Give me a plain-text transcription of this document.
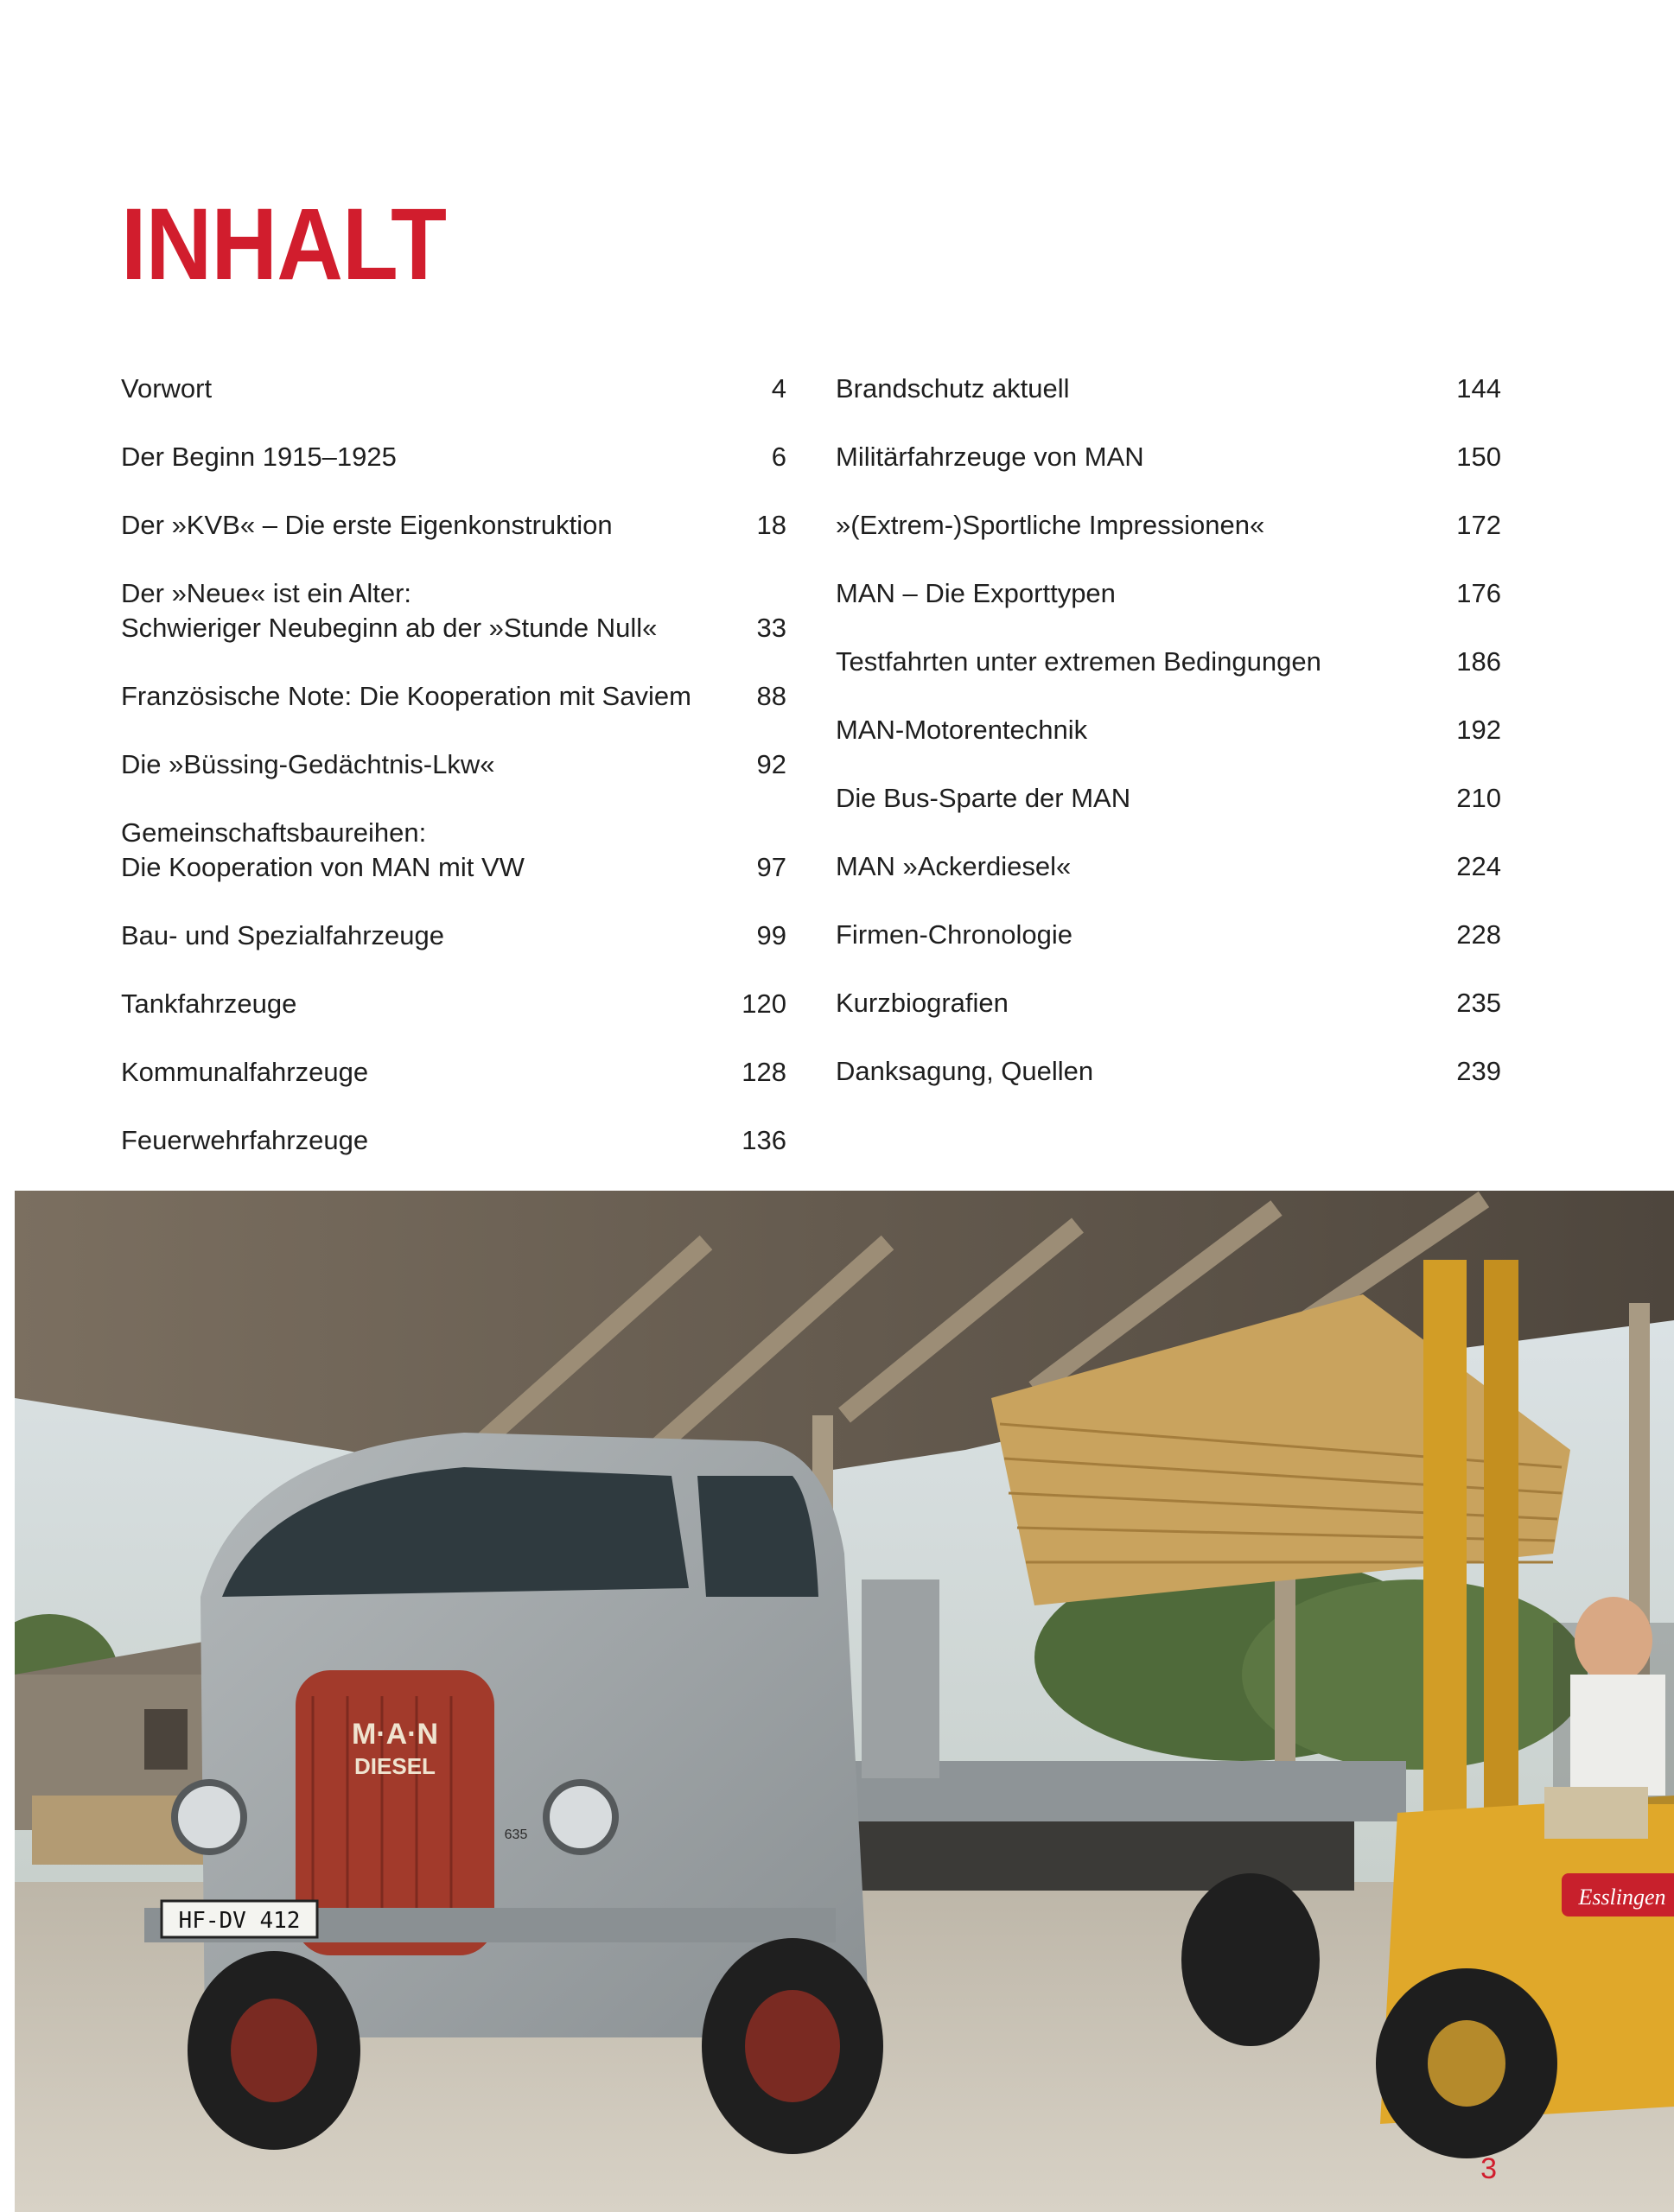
INHALT
Vorwort	4
Der Beginn 1915–1925	6
Der »KVB« – Die erste Eigenkonstruktion	18
Der »Neue« ist ein Alter:
Schwieriger Neubeginn ab der »Stunde Null«	33
Französische Note: Die Kooperation mit Saviem	88
Die »Büssing-Gedächtnis-Lkw«	92
Gemeinschaftsbaureihen:
Die Kooperation von MAN mit VW	97
Bau- und Spezialfahrzeuge	99
Tankfahrzeuge	120
Kommunalfahrzeuge	128
Feuerwehrfahrzeuge	136
Brandschutz aktuell	144
Militärfahrzeuge von MAN	150
»(Extrem-)Sportliche Impressionen«	172
MAN – Die Exporttypen	176
Testfahrten unter extremen Bedingungen	186
MAN-Motorentechnik	192
Die Bus-Sparte der MAN	210
MAN »Ackerdiesel«	224
Firmen-Chronologie	228
Kurzbiografien	235
Danksagung, Quellen	239
M·A·N
DIESEL
635
HF-DV 412
Esslingen
3
